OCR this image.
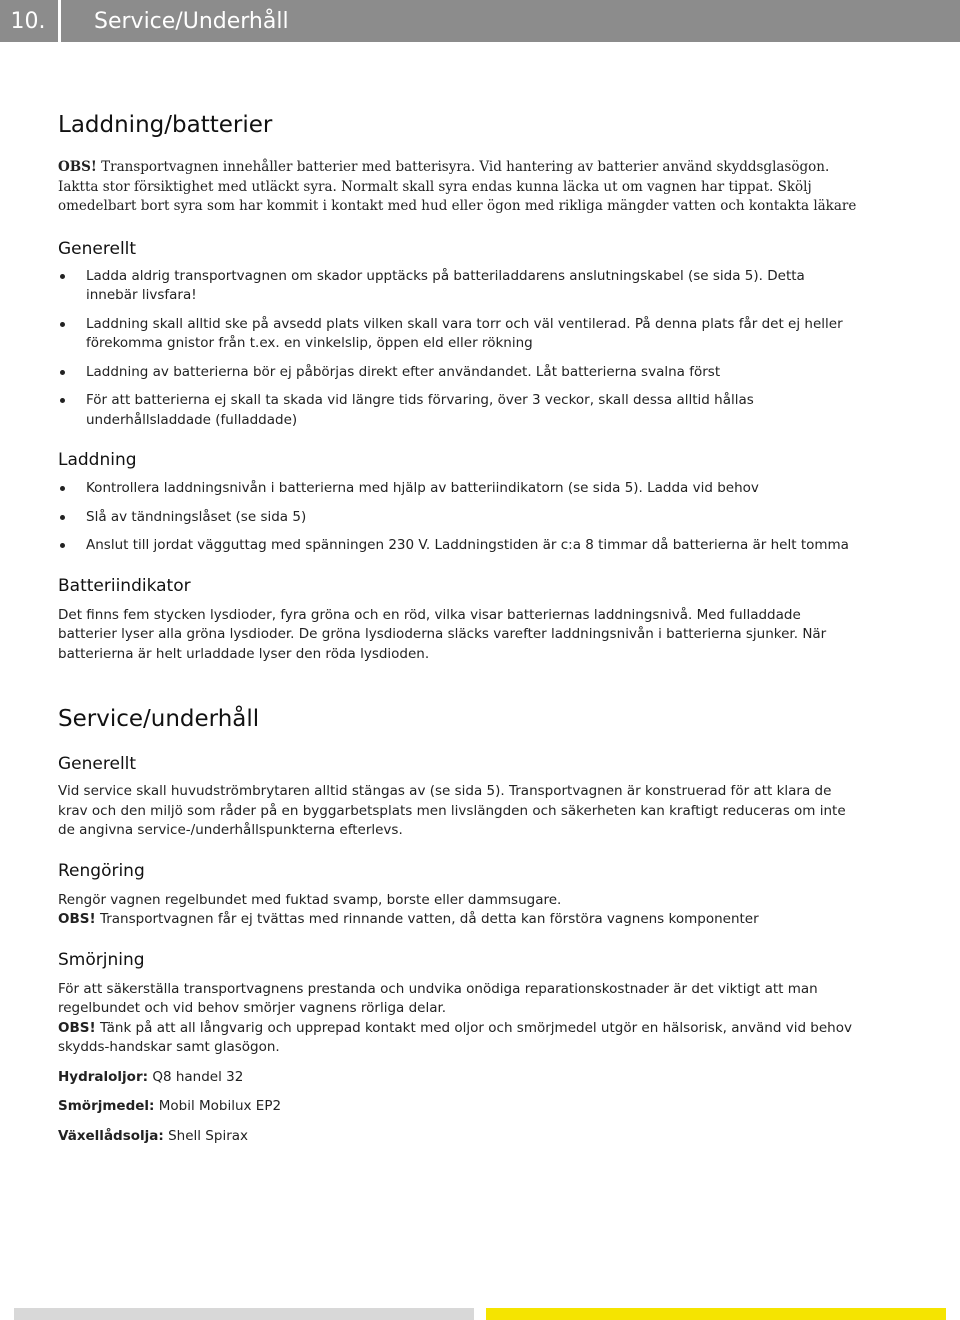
10.	Service/Underhåll
Laddning/batterier

OBS! Transportvagnen innehåller batterier med batterisyra. Vid hantering av batterier använd skyddsglasögon. Iaktta stor försiktighet med utläckt syra. Normalt skall syra endas kunna läcka ut om vagnen har tippat. Skölj omedelbart bort syra som har kommit i kontakt med hud eller ögon med rikliga mängder vatten och kontakta läkare

Generellt
Ladda aldrig transportvagnen om skador upptäcks på batteriladdarens anslutningskabel (se sida 5). Detta innebär livsfara!
Laddning skall alltid ske på avsedd plats vilken skall vara torr och väl ventilerad. På denna plats får det ej heller förekomma gnistor från t.ex. en vinkelslip, öppen eld eller rökning
Laddning av batterierna bör ej påbörjas direkt efter användandet. Låt batterierna svalna först
För att batterierna ej skall ta skada vid längre tids förvaring, över 3 veckor, skall dessa alltid hållas underhållsladdade (fulladdade)
Laddning
Kontrollera laddningsnivån i batterierna med hjälp av batteriindikatorn (se sida 5). Ladda vid behov
Slå av tändningslåset (se sida 5)
Anslut till jordat vägguttag med spänningen 230 V. Laddningstiden är c:a 8 timmar då batterierna är helt tomma
Batteriindikator

Det finns fem stycken lysdioder, fyra gröna och en röd, vilka visar batteriernas laddningsnivå. Med fulladdade batterier lyser alla gröna lysdioder. De gröna lysdioderna släcks varefter laddningsnivån i batterierna sjunker. När batterierna är helt urladdade lyser den röda lysdioden.

Service/underhåll
Generellt

Vid service skall huvudströmbrytaren alltid stängas av (se sida 5). Transportvagnen är konstruerad för att klara de krav och den miljö som råder på en byggarbetsplats men livslängden och säkerheten kan kraftigt reduceras om inte de angivna service-/underhållspunkterna efterlevs.

Rengöring

Rengör vagnen regelbundet med fuktad svamp, borste eller dammsugare.

OBS! Transportvagnen får ej tvättas med rinnande vatten, då detta kan förstöra vagnens komponenter

Smörjning

För att säkerställa transportvagnens prestanda och undvika onödiga reparationskostnader är det viktigt att man regelbundet och vid behov smörjer vagnens rörliga delar.

OBS! Tänk på att all långvarig och upprepad kontakt med oljor och smörjmedel utgör en hälsorisk, använd vid behov skydds-handskar samt glasögon.

Hydraloljor: Q8 handel 32

Smörjmedel: Mobil Mobilux EP2

Växellådsolja: Shell Spirax
